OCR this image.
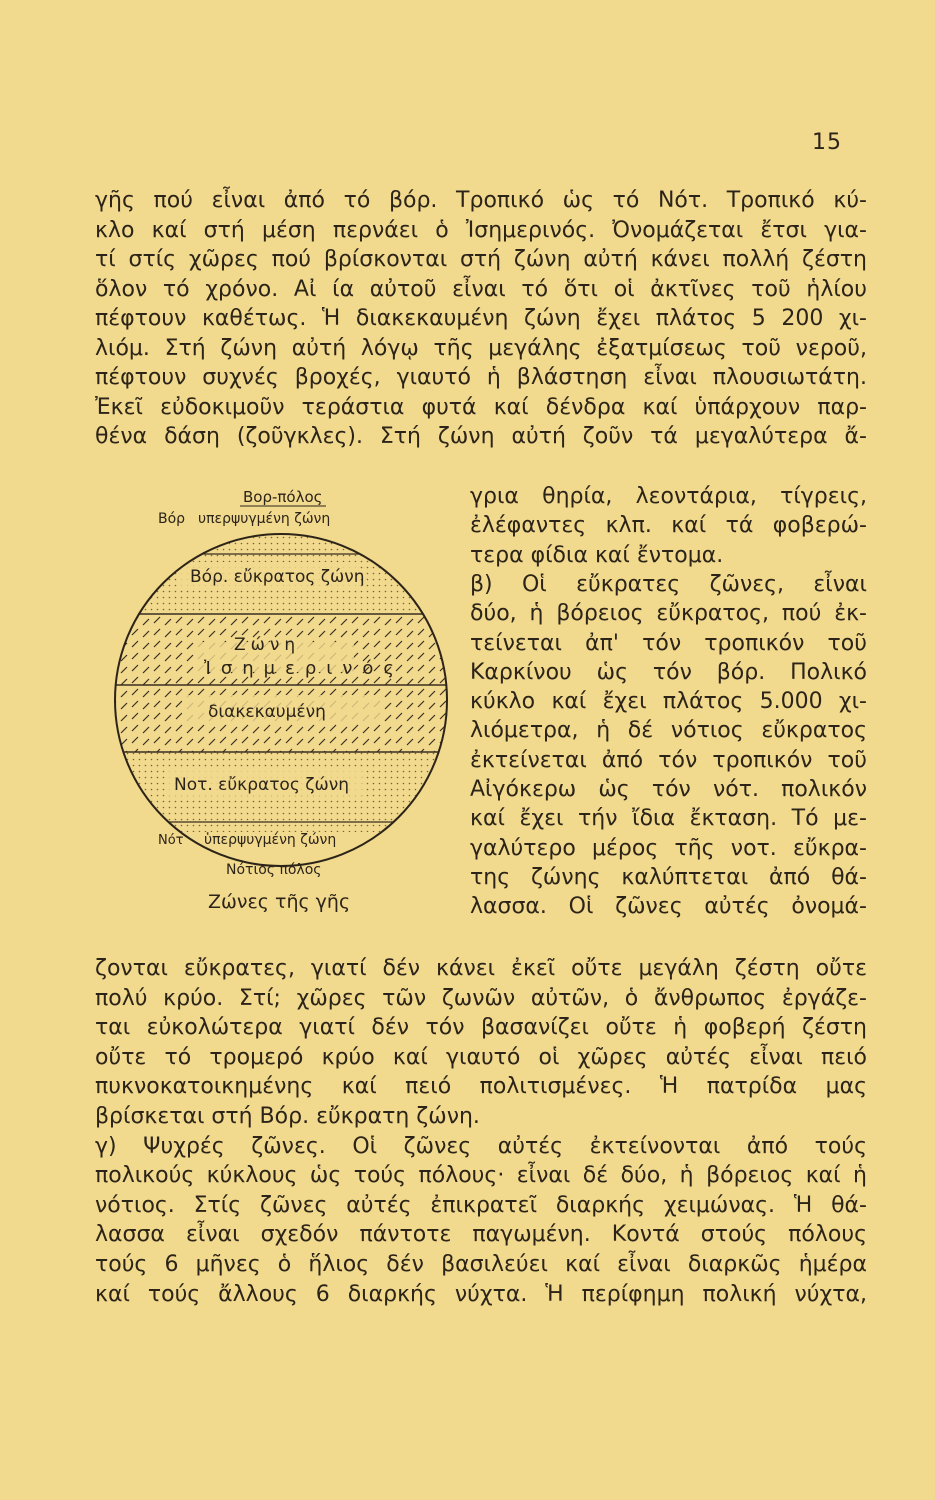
15
γῆς πού εἶναι ἀπό τό βόρ. Τροπικό ὡς τό Νότ. Τροπικό κύ-
κλο καί στή μέση περνάει ὁ Ἰσημερινός. Ὀνομάζεται ἔτσι για-
τί στίς χῶρες πού βρίσκονται στή ζώνη αὐτή κάνει πολλή ζέστη
ὅλον τό χρόνο. Αἰ ία αὐτοῦ εἶναι τό ὅτι οἱ ἀκτῖνες τοῦ ἡλίου
πέφτουν καθέτως. Ἡ διακεκαυμένη ζώνη ἔχει πλάτος 5 200 χι-
λιόμ. Στή ζώνη αὐτή λόγῳ τῆς μεγάλης ἐξατμίσεως τοῦ νεροῦ,
πέφτουν συχνές βροχές, γιαυτό ἡ βλάστηση εἶναι πλουσιωτάτη.
Ἐκεῖ εὐδοκιμοῦν τεράστια φυτά καί δένδρα καί ὑπάρχουν παρ-
θένα δάση (ζοῦγκλες). Στή ζώνη αὐτή ζοῦν τά μεγαλύτερα ἄ-
γρια θηρία, λεοντάρια, τίγρεις,
ἐλέφαντες κλπ. καί τά φοβερώ-
τερα φίδια καί ἔντομα.
β) Οἱ εὔκρατες ζῶνες, εἶναι
δύο, ἡ βόρειος εὔκρατος, πού ἐκ-
τείνεται ἀπ' τόν τροπικόν τοῦ
Καρκίνου ὡς τόν βόρ. Πολικό
κύκλο καί ἔχει πλάτος 5.000 χι-
λιόμετρα, ἡ δέ νότιος εὔκρατος
ἐκτείνεται ἀπό τόν τροπικόν τοῦ
Αἰγόκερω ὡς τόν νότ. πολικόν
καί ἔχει τήν ἴδια ἔκταση. Τό με-
γαλύτερο μέρος τῆς νοτ. εὔκρα-
της ζώνης καλύπτεται ἀπό θά-
λασσα. Οἱ ζῶνες αὐτές ὀνομά-
ζονται εὔκρατες, γιατί δέν κάνει ἐκεῖ οὔτε μεγάλη ζέστη οὔτε
πολύ κρύο. Στί; χῶρες τῶν ζωνῶν αὐτῶν, ὁ ἄνθρωπος ἐργάζε-
ται εὐκολώτερα γιατί δέν τόν βασανίζει οὔτε ἡ φοβερή ζέστη
οὔτε τό τρομερό κρύο καί γιαυτό οἱ χῶρες αὐτές εἶναι πειό
πυκνοκατοικημένης καί πειό πολιτισμένες. Ἡ πατρίδα μας
βρίσκεται στή Βόρ. εὔκρατη ζώνη.
γ) Ψυχρές ζῶνες. Οἱ ζῶνες αὐτές ἐκτείνονται ἀπό τούς
πολικούς κύκλους ὡς τούς πόλους· εἶναι δέ δύο, ἡ βόρειος καί ἡ
νότιος. Στίς ζῶνες αὐτές ἐπικρατεῖ διαρκής χειμώνας. Ἡ θά-
λασσα εἶναι σχεδόν πάντοτε παγωμένη. Κοντά στούς πόλους
τούς 6 μῆνες ὁ ἥλιος δέν βασιλεύει καί εἶναι διαρκῶς ἡμέρα
καί τούς ἄλλους 6 διαρκής νύχτα. Ἡ περίφημη πολική νύχτα,
Βορ-πόλος
Βόρ υπερψυγμένη ζώνη
Βόρ. εὔκρατος ζώνη
Ζώνη
Ἰσημερινός
διακεκαυμένη
Νοτ. εὔκρατος ζώνη
Νότ ὑπερψυγμένη ζώνη
Νότιος πόλος
Ζώνες τῆς γῆς
